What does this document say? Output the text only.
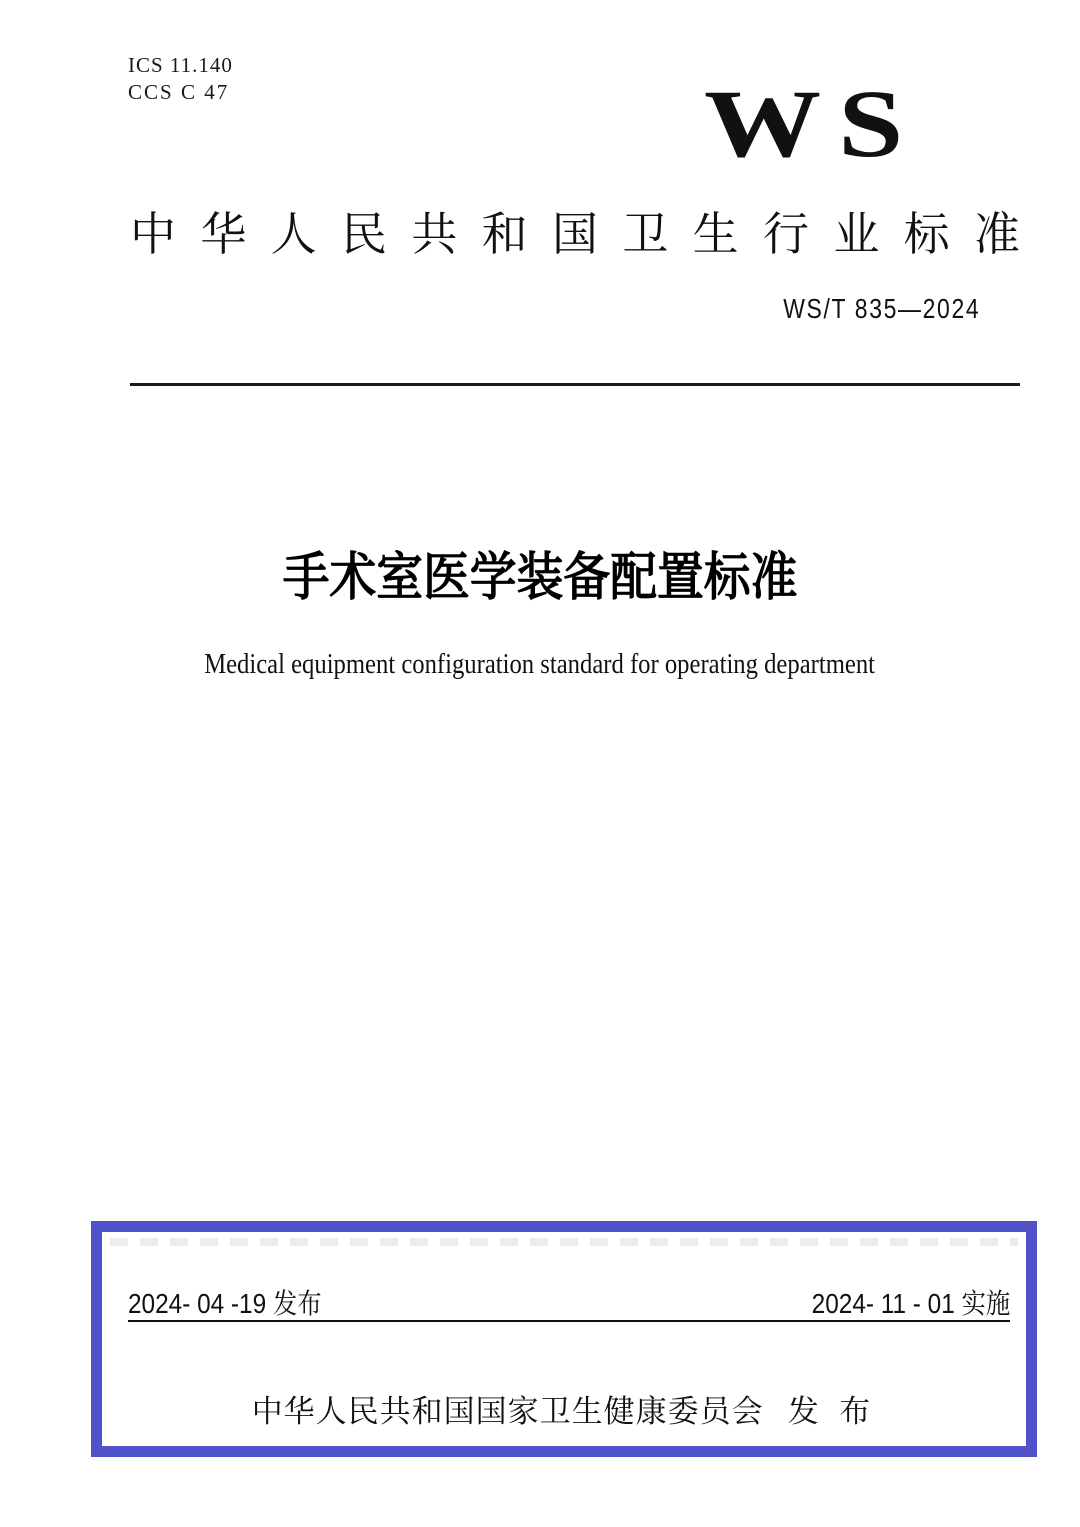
ICS 11.140
CCS C 47	WS
中华人民共和国卫生行业标准
WS/T 835—2024
手术室医学装备配置标准
Medical equipment configuration standard for operating department
2024- 04 -19 发布	2024- 11 - 01 实施
中华人民共和国国家卫生健康委员会 发 布
